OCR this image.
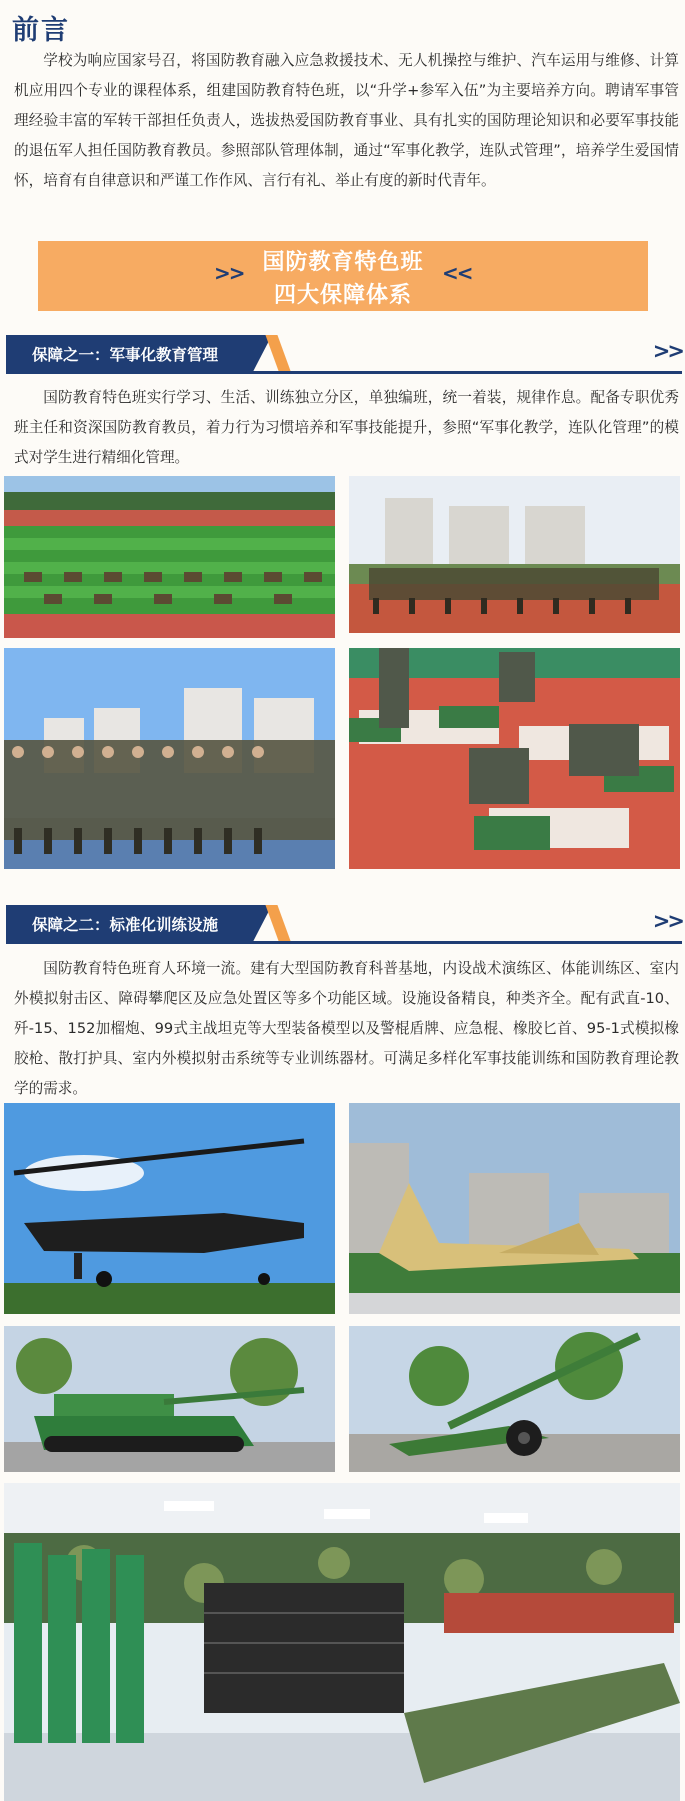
前言
学校为响应国家号召，将国防教育融入应急救援技术、无人机操控与维护、汽车运用与维修、计算机应用四个专业的课程体系，组建国防教育特色班，以“升学+参军入伍”为主要培养方向。聘请军事管理经验丰富的军转干部担任负责人，选拔热爱国防教育事业、具有扎实的国防理论知识和必要军事技能的退伍军人担任国防教育教员。参照部队管理体制，通过“军事化教学，连队式管理”，培养学生爱国情怀，培育有自律意识和严谨工作作风、言行有礼、举止有度的新时代青年。
>> 国防教育特色班
四大保障体系
<<
保障之一：军事化教育管理	>>
国防教育特色班实行学习、生活、训练独立分区，单独编班，统一着装，规律作息。配备专职优秀班主任和资深国防教育教员，着力行为习惯培养和军事技能提升，参照“军事化教学，连队化管理”的模式对学生进行精细化管理。
保障之二：标准化训练设施	>>
国防教育特色班育人环境一流。建有大型国防教育科普基地，内设战术演练区、体能训练区、室内外模拟射击区、障碍攀爬区及应急处置区等多个功能区域。设施设备精良，种类齐全。配有武直-10、歼-15、152加榴炮、99式主战坦克等大型装备模型以及警棍盾牌、应急棍、橡胶匕首、95-1式模拟橡胶枪、散打护具、室内外模拟射击系统等专业训练器材。可满足多样化军事技能训练和国防教育理论教学的需求。
